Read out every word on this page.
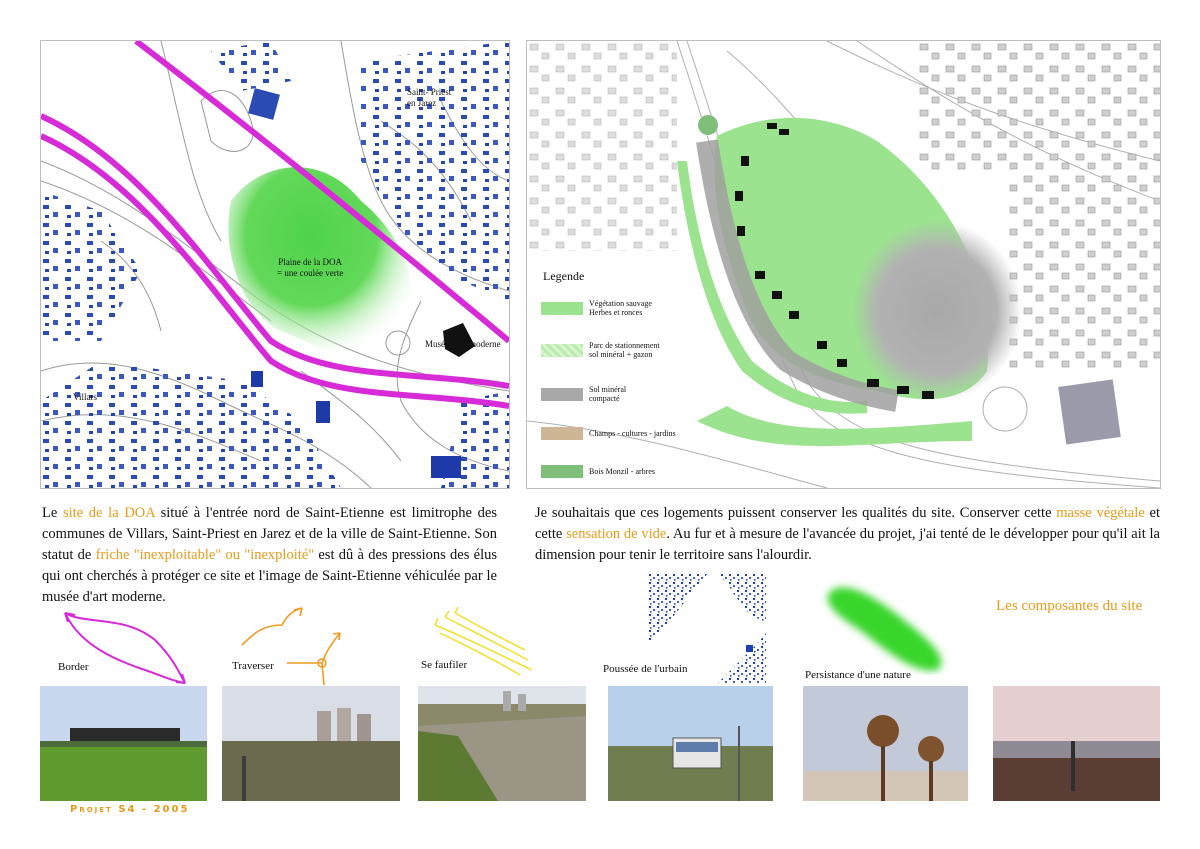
Saint- Priest
en Jarez
Plaine de la DOA
= une coulée verte
Musée d'art moderne
Villars
Legende
Végétation sauvage
Herbes et ronces
Parc de stationnement
sol minéral + gazon
Sol minéral
compacté
Champs - cultures - jardins
Bois Monzil - arbres
Le site de la DOA situé à l'entrée nord de Saint-Etienne est limitrophe des communes de Villars, Saint-Priest en Jarez et de la ville de Saint-Etienne. Son statut de friche "inexploitable" ou "inexploité" est dû à des pressions des élus qui ont cherchés à protéger ce site et l'image de Saint-Etienne véhiculée par le musée d'art moderne.
Je souhaitais que ces logements puissent conserver les qualités du site. Conserver cette masse végétale et cette sensation de vide. Au fur et à mesure de l'avancée du projet, j'ai tenté de le développer pour qu'il ait la dimension pour tenir le territoire sans l'alourdir.
Les composantes du site
Border	Traverser	Se faufiler	Poussée de l'urbain	Persistance d'une nature
Projet S4 - 2005
